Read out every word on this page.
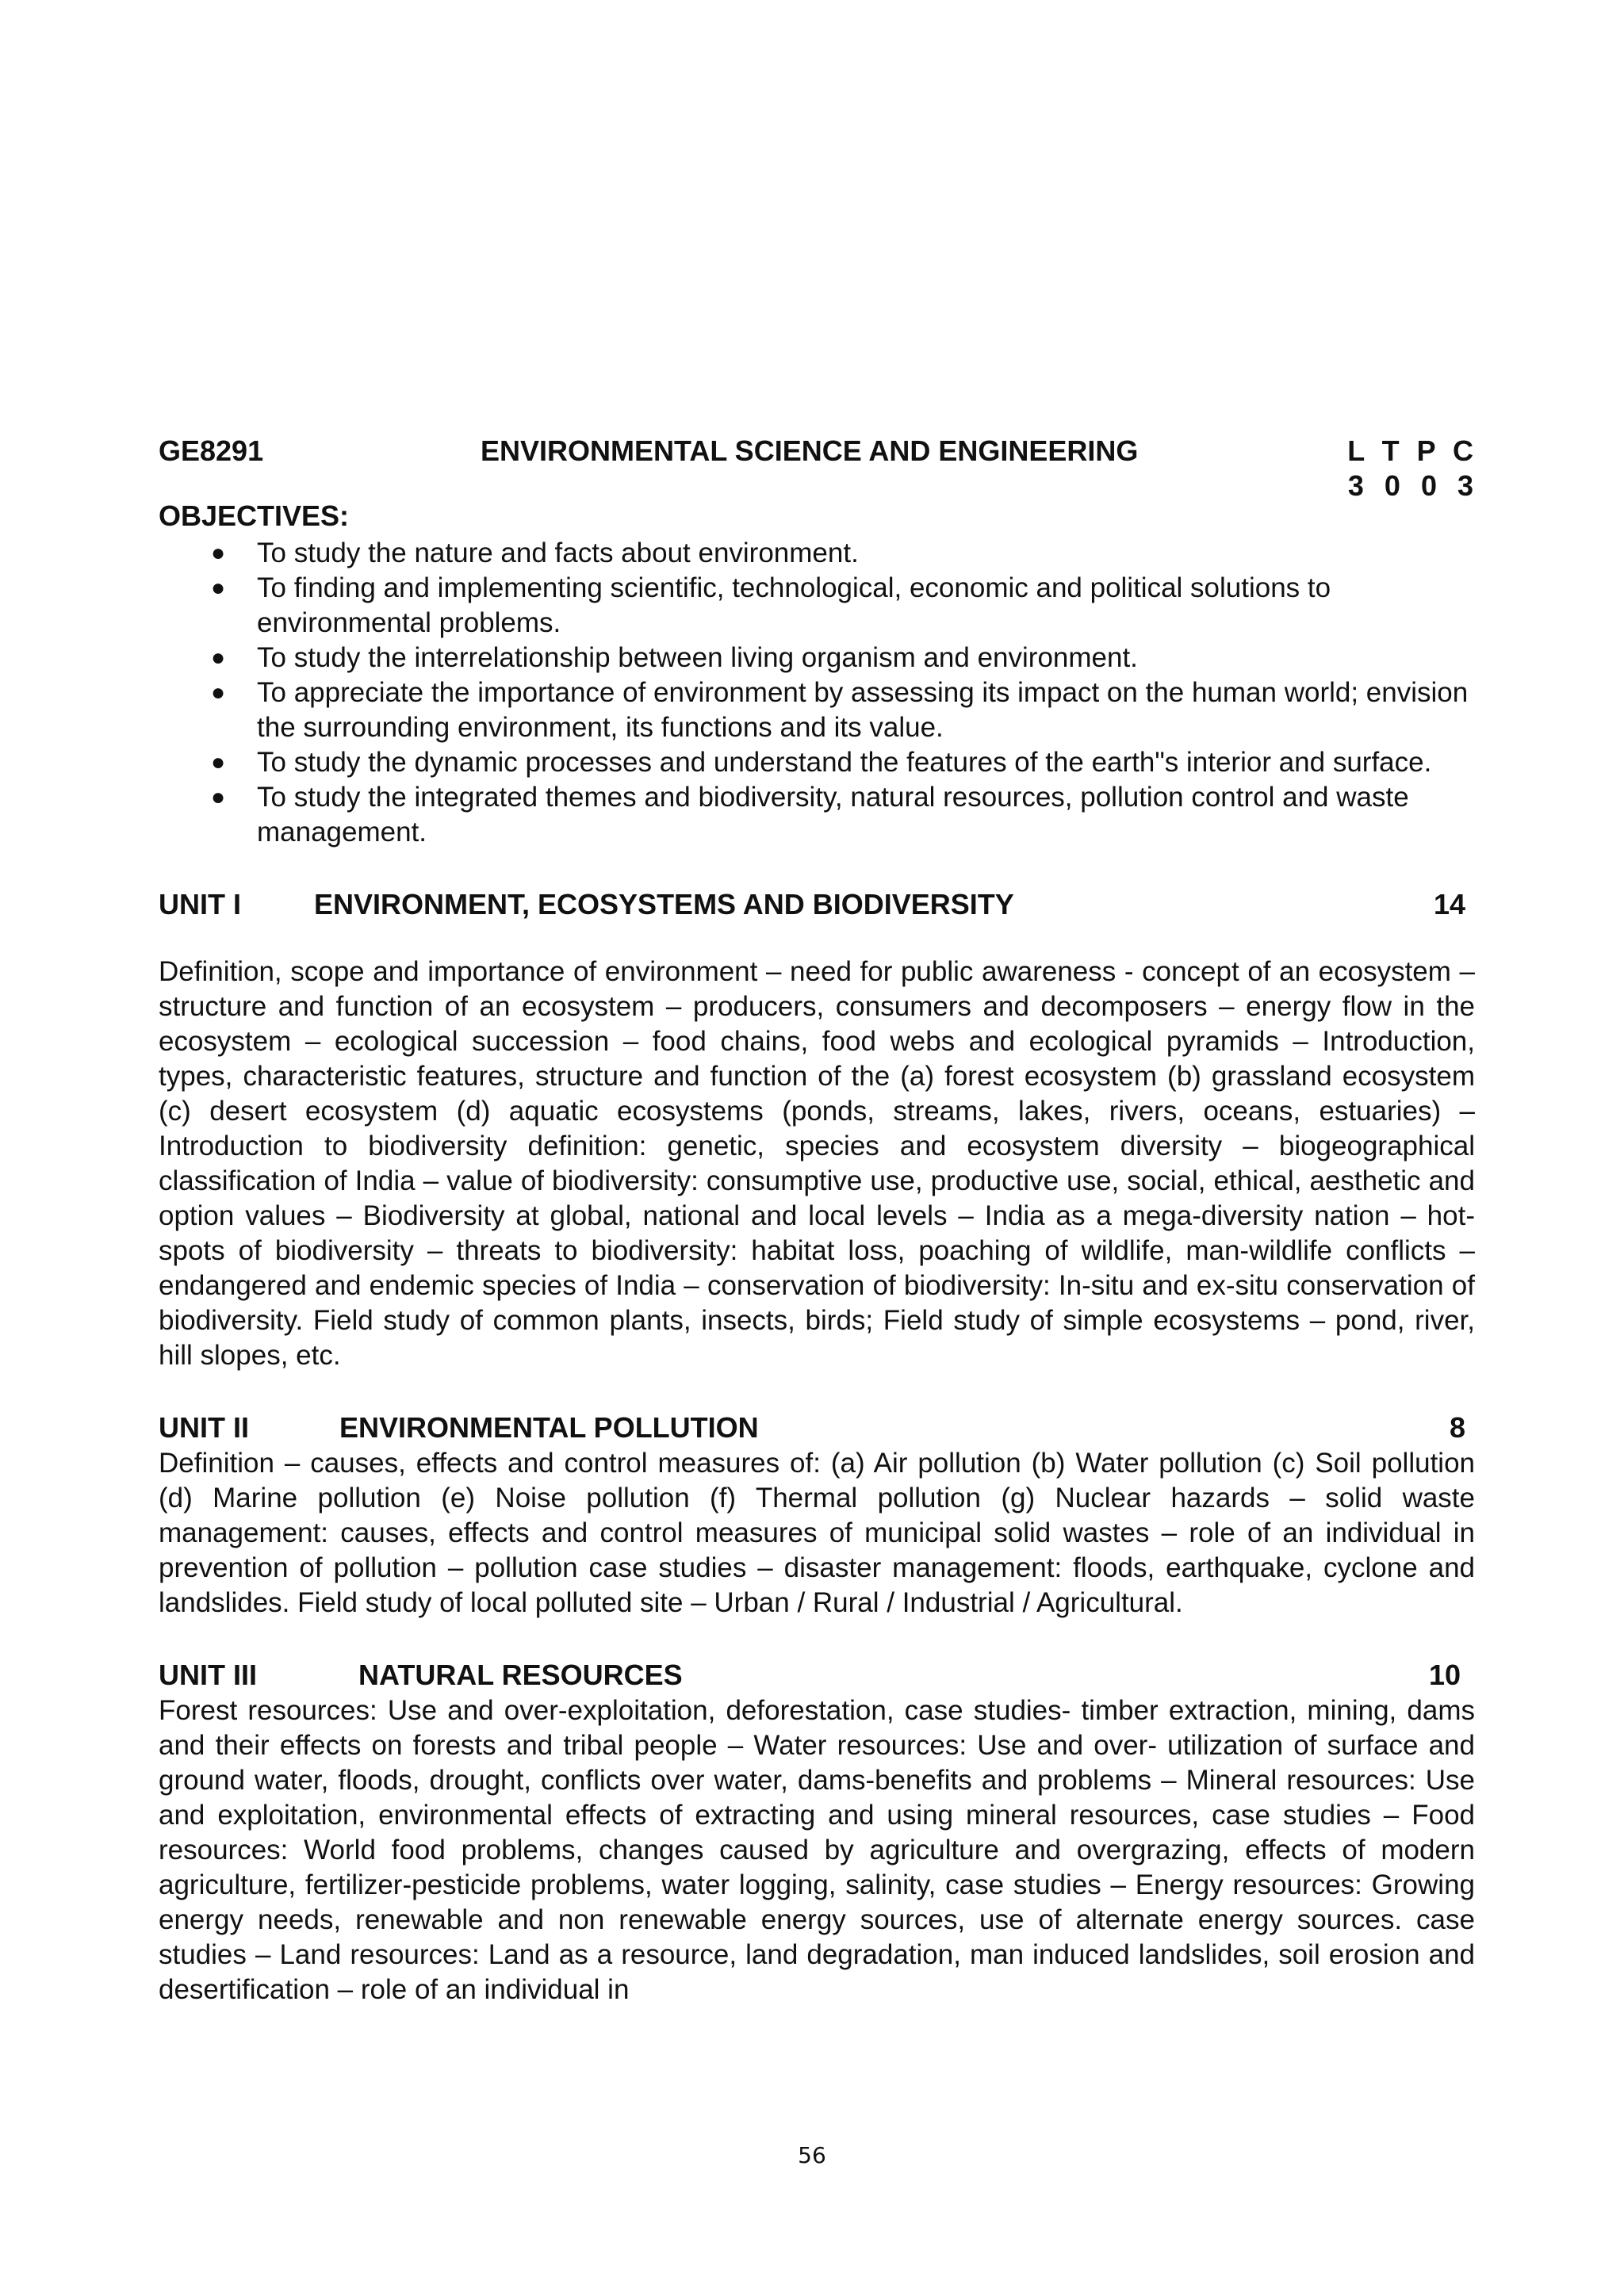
GE8291	ENVIRONMENTAL SCIENCE AND ENGINEERING	L T P C
3 0 0 3
OBJECTIVES:
● To study the nature and facts about environment.
● To finding and implementing scientific, technological, economic and political solutions to environmental problems.
● To study the interrelationship between living organism and environment.
● To appreciate the importance of environment by assessing its impact on the human world; envision the surrounding environment, its functions and its value.
● To study the dynamic processes and understand the features of the earth"s interior and surface.
● To study the integrated themes and biodiversity, natural resources, pollution control and waste management.
UNIT I	ENVIRONMENT, ECOSYSTEMS AND BIODIVERSITY	14

Definition, scope and importance of environment – need for public awareness - concept of an ecosystem – structure and function of an ecosystem – producers, consumers and decomposers – energy flow in the ecosystem – ecological succession – food chains, food webs and ecological pyramids – Introduction, types, characteristic features, structure and function of the (a) forest ecosystem (b) grassland ecosystem (c) desert ecosystem (d) aquatic ecosystems (ponds, streams, lakes, rivers, oceans, estuaries) – Introduction to biodiversity definition: genetic, species and ecosystem diversity – biogeographical classification of India – value of biodiversity: consumptive use, productive use, social, ethical, aesthetic and option values – Biodiversity at global, national and local levels – India as a mega-diversity nation – hot-spots of biodiversity – threats to biodiversity: habitat loss, poaching of wildlife, man-wildlife conflicts – endangered and endemic species of India – conservation of biodiversity: In-situ and ex-situ conservation of biodiversity. Field study of common plants, insects, birds; Field study of simple ecosystems – pond, river, hill slopes, etc.

UNIT II	ENVIRONMENTAL POLLUTION	8

Definition – causes, effects and control measures of: (a) Air pollution (b) Water pollution (c) Soil pollution (d) Marine pollution (e) Noise pollution (f) Thermal pollution (g) Nuclear hazards – solid waste management: causes, effects and control measures of municipal solid wastes – role of an individual in prevention of pollution – pollution case studies – disaster management: floods, earthquake, cyclone and landslides. Field study of local polluted site – Urban / Rural / Industrial / Agricultural.

UNIT III	NATURAL RESOURCES	10

Forest resources: Use and over-exploitation, deforestation, case studies- timber extraction, mining, dams and their effects on forests and tribal people – Water resources: Use and over- utilization of surface and ground water, floods, drought, conflicts over water, dams-benefits and problems – Mineral resources: Use and exploitation, environmental effects of extracting and using mineral resources, case studies – Food resources: World food problems, changes caused by agriculture and overgrazing, effects of modern agriculture, fertilizer-pesticide problems, water logging, salinity, case studies – Energy resources: Growing energy needs, renewable and non renewable energy sources, use of alternate energy sources. case studies – Land resources: Land as a resource, land degradation, man induced landslides, soil erosion and desertification – role of an individual in

56
